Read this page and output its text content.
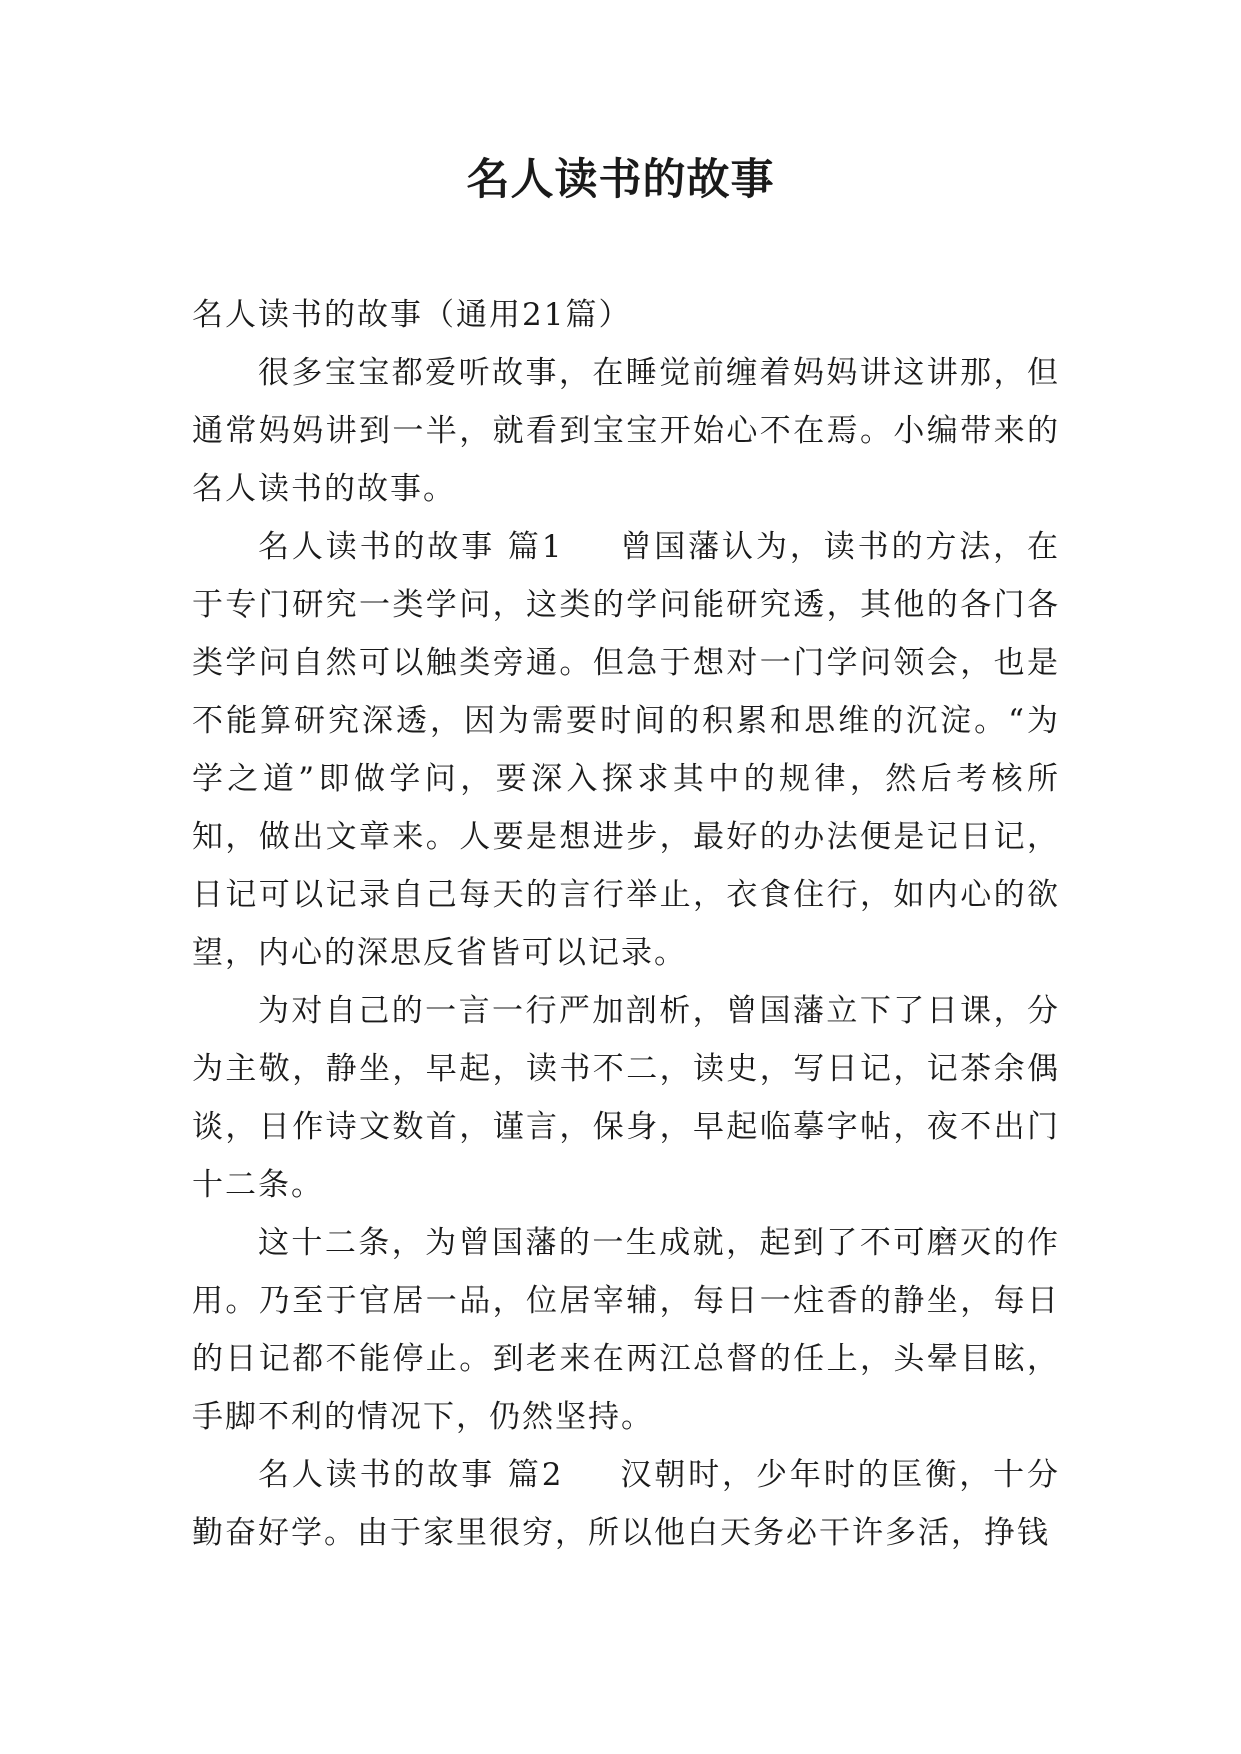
名人读书的故事

名人读书的故事（通用21篇）

很多宝宝都爱听故事，在睡觉前缠着妈妈讲这讲那，但通常妈妈讲到一半，就看到宝宝开始心不在焉。小编带来的名人读书的故事。

名人读书的故事 篇1 曾国藩认为，读书的方法，在于专门研究一类学问，这类的学问能研究透，其他的各门各类学问自然可以触类旁通。但急于想对一门学问领会，也是不能算研究深透，因为需要时间的积累和思维的沉淀。“为学之道”即做学问，要深入探求其中的规律，然后考核所知，做出文章来。人要是想进步，最好的办法便是记日记，日记可以记录自己每天的言行举止，衣食住行，如内心的欲望，内心的深思反省皆可以记录。

为对自己的一言一行严加剖析，曾国藩立下了日课，分为主敬，静坐，早起，读书不二，读史，写日记，记茶余偶谈，日作诗文数首，谨言，保身，早起临摹字帖，夜不出门十二条。

这十二条，为曾国藩的一生成就，起到了不可磨灭的作用。乃至于官居一品，位居宰辅，每日一炷香的静坐，每日的日记都不能停止。到老来在两江总督的任上，头晕目眩，手脚不利的情况下，仍然坚持。

名人读书的故事 篇2 汉朝时，少年时的匡衡，十分勤奋好学。由于家里很穷，所以他白天务必干许多活，挣钱
